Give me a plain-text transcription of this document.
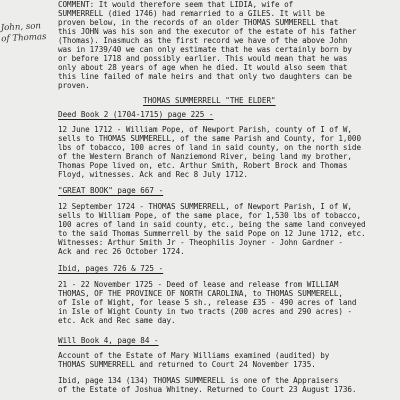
John, son
of Thomas
COMMENT: It would therefore seem that LIDIA, wife of
SUMMERRELL (died 1746) had remarried to a GILES. It will be
proven below, in the records of an older THOMAS SUMMERELL that
this JOHN was his son and the executor of the estate of his father
(Thomas). Inasmuch as the first record we have of the above John
was in 1739/40 we can only estimate that he was certainly born by
or before 1718 and possibly earlier. This would mean that he was
only about 28 years of age when he died. It would also seem that
this line failed of male heirs and that only two daughters can be
proven.
THOMAS SUMMERRELL "THE ELDER"
Deed Book 2 (1704-1715) page 225 -
12 June 1712 - William Pope, of Newport Parish, county of I of W,
sells to THOMAS SUMMERELL, of the same Parish and County, for 1,000
lbs of tobacco, 100 acres of land in said county, on the north side
of the Western Branch of Nanziemond River, being land my brother,
Thomas Pope lived on, etc. Arthur Smith, Robert Brock and Thomas
Floyd, witnesses. Ack and Rec 8 July 1712.
"GREAT BOOK" page 667 -
12 September 1724 - THOMAS SUMMERRELL, of Newport Parish, I of W,
sells to William Pope, of the same place, for 1,530 lbs of tobacco,
100 acres of land in said county, etc., being the same land conveyed
to the said Thomas Summerrell by the said Pope on 12 June 1712, etc.
Witnesses: Arthur Smith Jr - Theophilis Joyner - John Gardner -
Ack and rec 26 October 1724.
Ibid, pages 726 & 725 -
21 - 22 November 1725 - Deed of lease and release from WILLIAM
THOMAS, OF THE PROVINCE OF NORTH CAROLINA, to THOMAS SUMMERELL,
of Isle of Wight, for lease 5 sh., release £35 - 490 acres of land
in Isle of Wight County in two tracts (200 acres and 290 acres) -
etc. Ack and Rec same day.
Will Book 4, page 84 -
Account of the Estate of Mary Williams examined (audited) by
THOMAS SUMMERRELL and returned to Court 24 November 1735.
Ibid, page 134 (134) THOMAS SUMMERELL is one of the Appraisers
of the Estate of Joshua Whitney. Returned to Court 23 August 1736.
